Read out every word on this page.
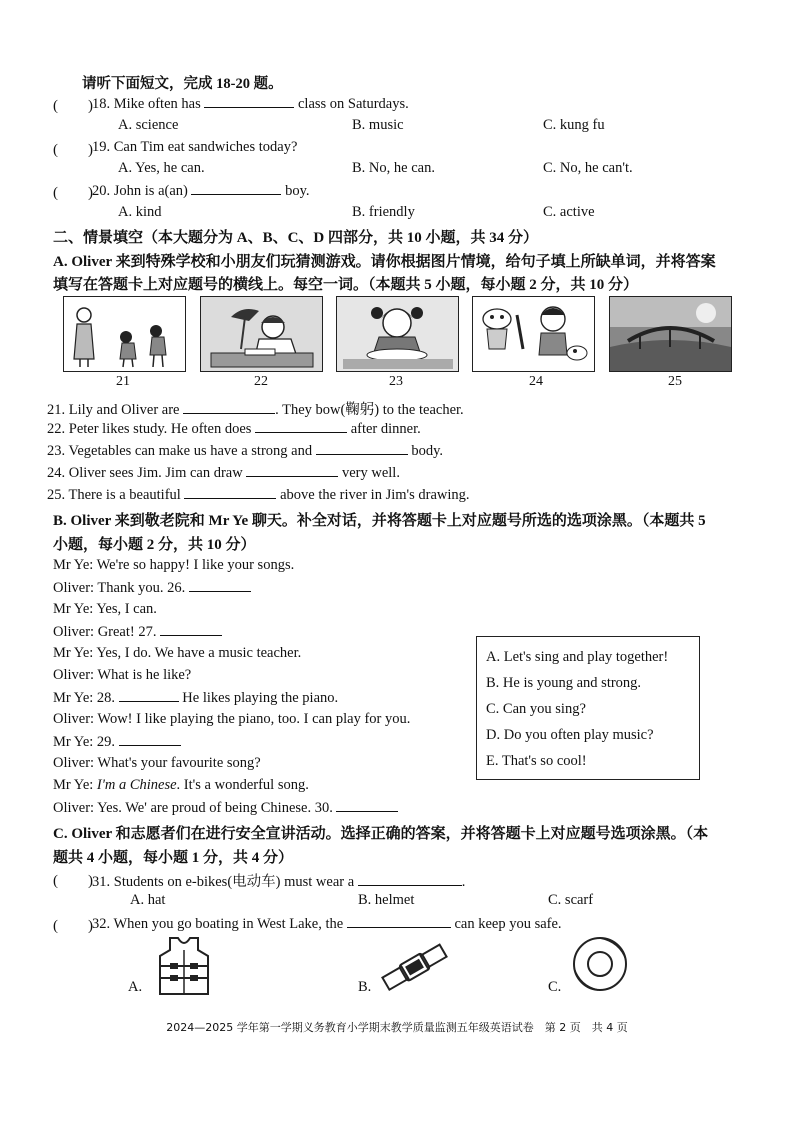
请听下面短文，完成 18-20 题。
(　　) 18. Mike often has	class on Saturdays.
A. science	B. music	C. kung fu
(　　) 19. Can Tim eat sandwiches today?
A. Yes, he can.	B. No, he can.	C. No, he can't.
(　　) 20. John is a(an)	boy.
A. kind	B. friendly	C. active
二、情景填空（本大题分为 A、B、C、D 四部分，共 10 小题，共 34 分）
A. Oliver 来到特殊学校和小朋友们玩猜测游戏。请你根据图片情境，给句子填上所缺单词，并将答案
填写在答题卡上对应题号的横线上。每空一词。（本题共 5 小题，每小题 2 分，共 10 分）
21	22	23	24	25
21. Lily and Oliver are	. They bow(鞠躬) to the teacher.
22. Peter likes study. He often does	after dinner.
23. Vegetables can make us have a strong and	body.
24. Oliver sees Jim. Jim can draw	very well.
25. There is a beautiful	above the river in Jim's drawing.
B. Oliver 来到敬老院和 Mr Ye 聊天。补全对话，并将答题卡上对应题号所选的选项涂黑。（本题共 5
小题，每小题 2 分，共 10 分）
Mr Ye: We're so happy! I like your songs.
Oliver: Thank you. 26.
Mr Ye: Yes, I can.
Oliver: Great! 27.
Mr Ye: Yes, I do. We have a music teacher.
Oliver: What is he like?
Mr Ye: 28.	He likes playing the piano.
Oliver: Wow! I like playing the piano, too. I can play for you.
Mr Ye: 29.
Oliver: What's your favourite song?
Mr Ye: I'm a Chinese. It's a wonderful song.
Oliver: Yes. We' are proud of being Chinese. 30.
A. Let's sing and play together!
B. He is young and strong.
C. Can you sing?
D. Do you often play music?
E. That's so cool!
C. Oliver 和志愿者们在进行安全宣讲活动。选择正确的答案，并将答题卡上对应题号选项涂黑。（本
题共 4 小题，每小题 1 分，共 4 分）
(　　) 31. Students on e-bikes(电动车) must wear a	.
A. hat	B. helmet	C. scarf
(　　) 32. When you go boating in West Lake, the	can keep you safe.
A.	B.	C.
2024—2025 学年第一学期义务教育小学期末教学质量监测五年级英语试卷　第 2 页　共 4 页
